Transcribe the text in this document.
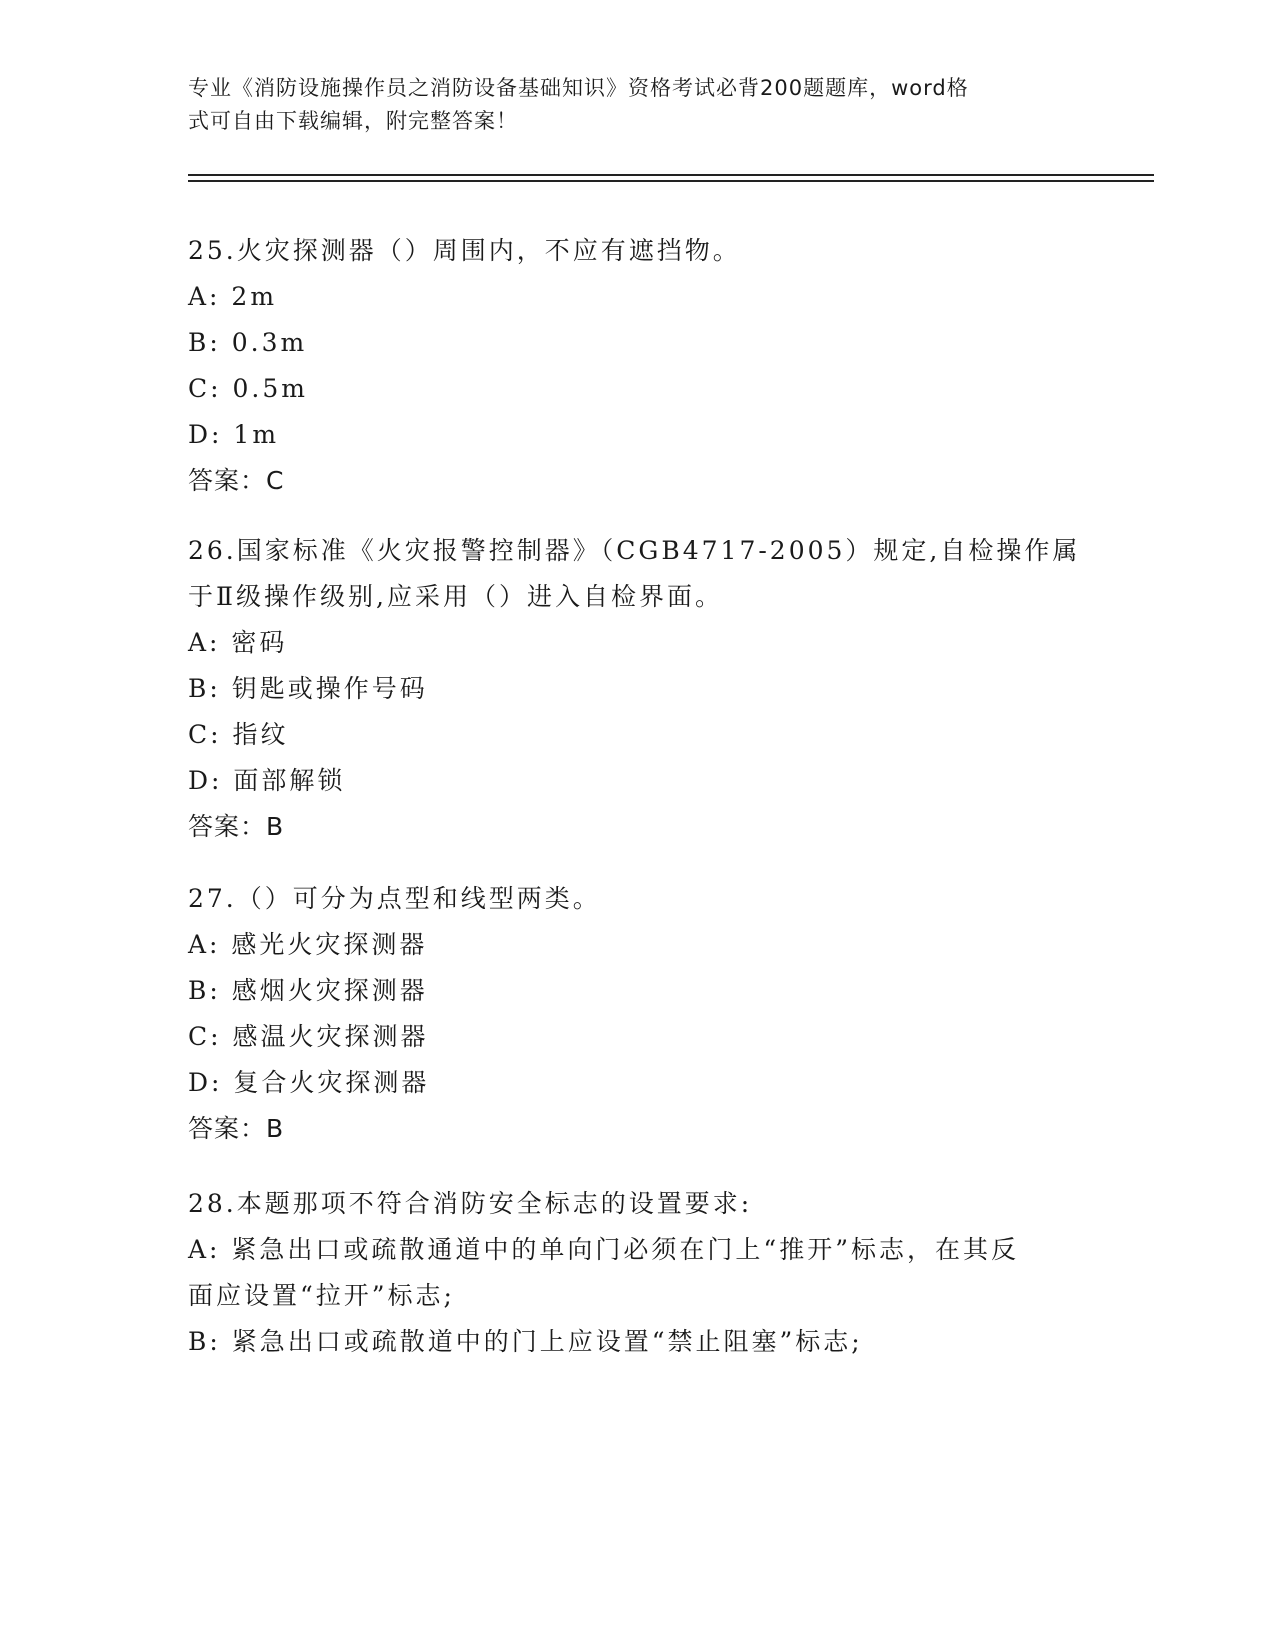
专业《消防设施操作员之消防设备基础知识》资格考试必背200题题库，word格
式可自由下载编辑，附完整答案！
25.火灾探测器（）周围内，不应有遮挡物。
A: 2m
B: 0.3m
C: 0.5m
D: 1m
答案：C
26.国家标准《火灾报警控制器》（CGB4717-2005）规定,自检操作属
于Ⅱ级操作级别,应采用（）进入自检界面。
A: 密码
B: 钥匙或操作号码
C: 指纹
D: 面部解锁
答案：B
27.（）可分为点型和线型两类。
A: 感光火灾探测器
B: 感烟火灾探测器
C: 感温火灾探测器
D: 复合火灾探测器
答案：B
28.本题那项不符合消防安全标志的设置要求:
A: 紧急出口或疏散通道中的单向门必须在门上“推开”标志，在其反
面应设置“拉开”标志;
B: 紧急出口或疏散道中的门上应设置“禁止阻塞”标志;
